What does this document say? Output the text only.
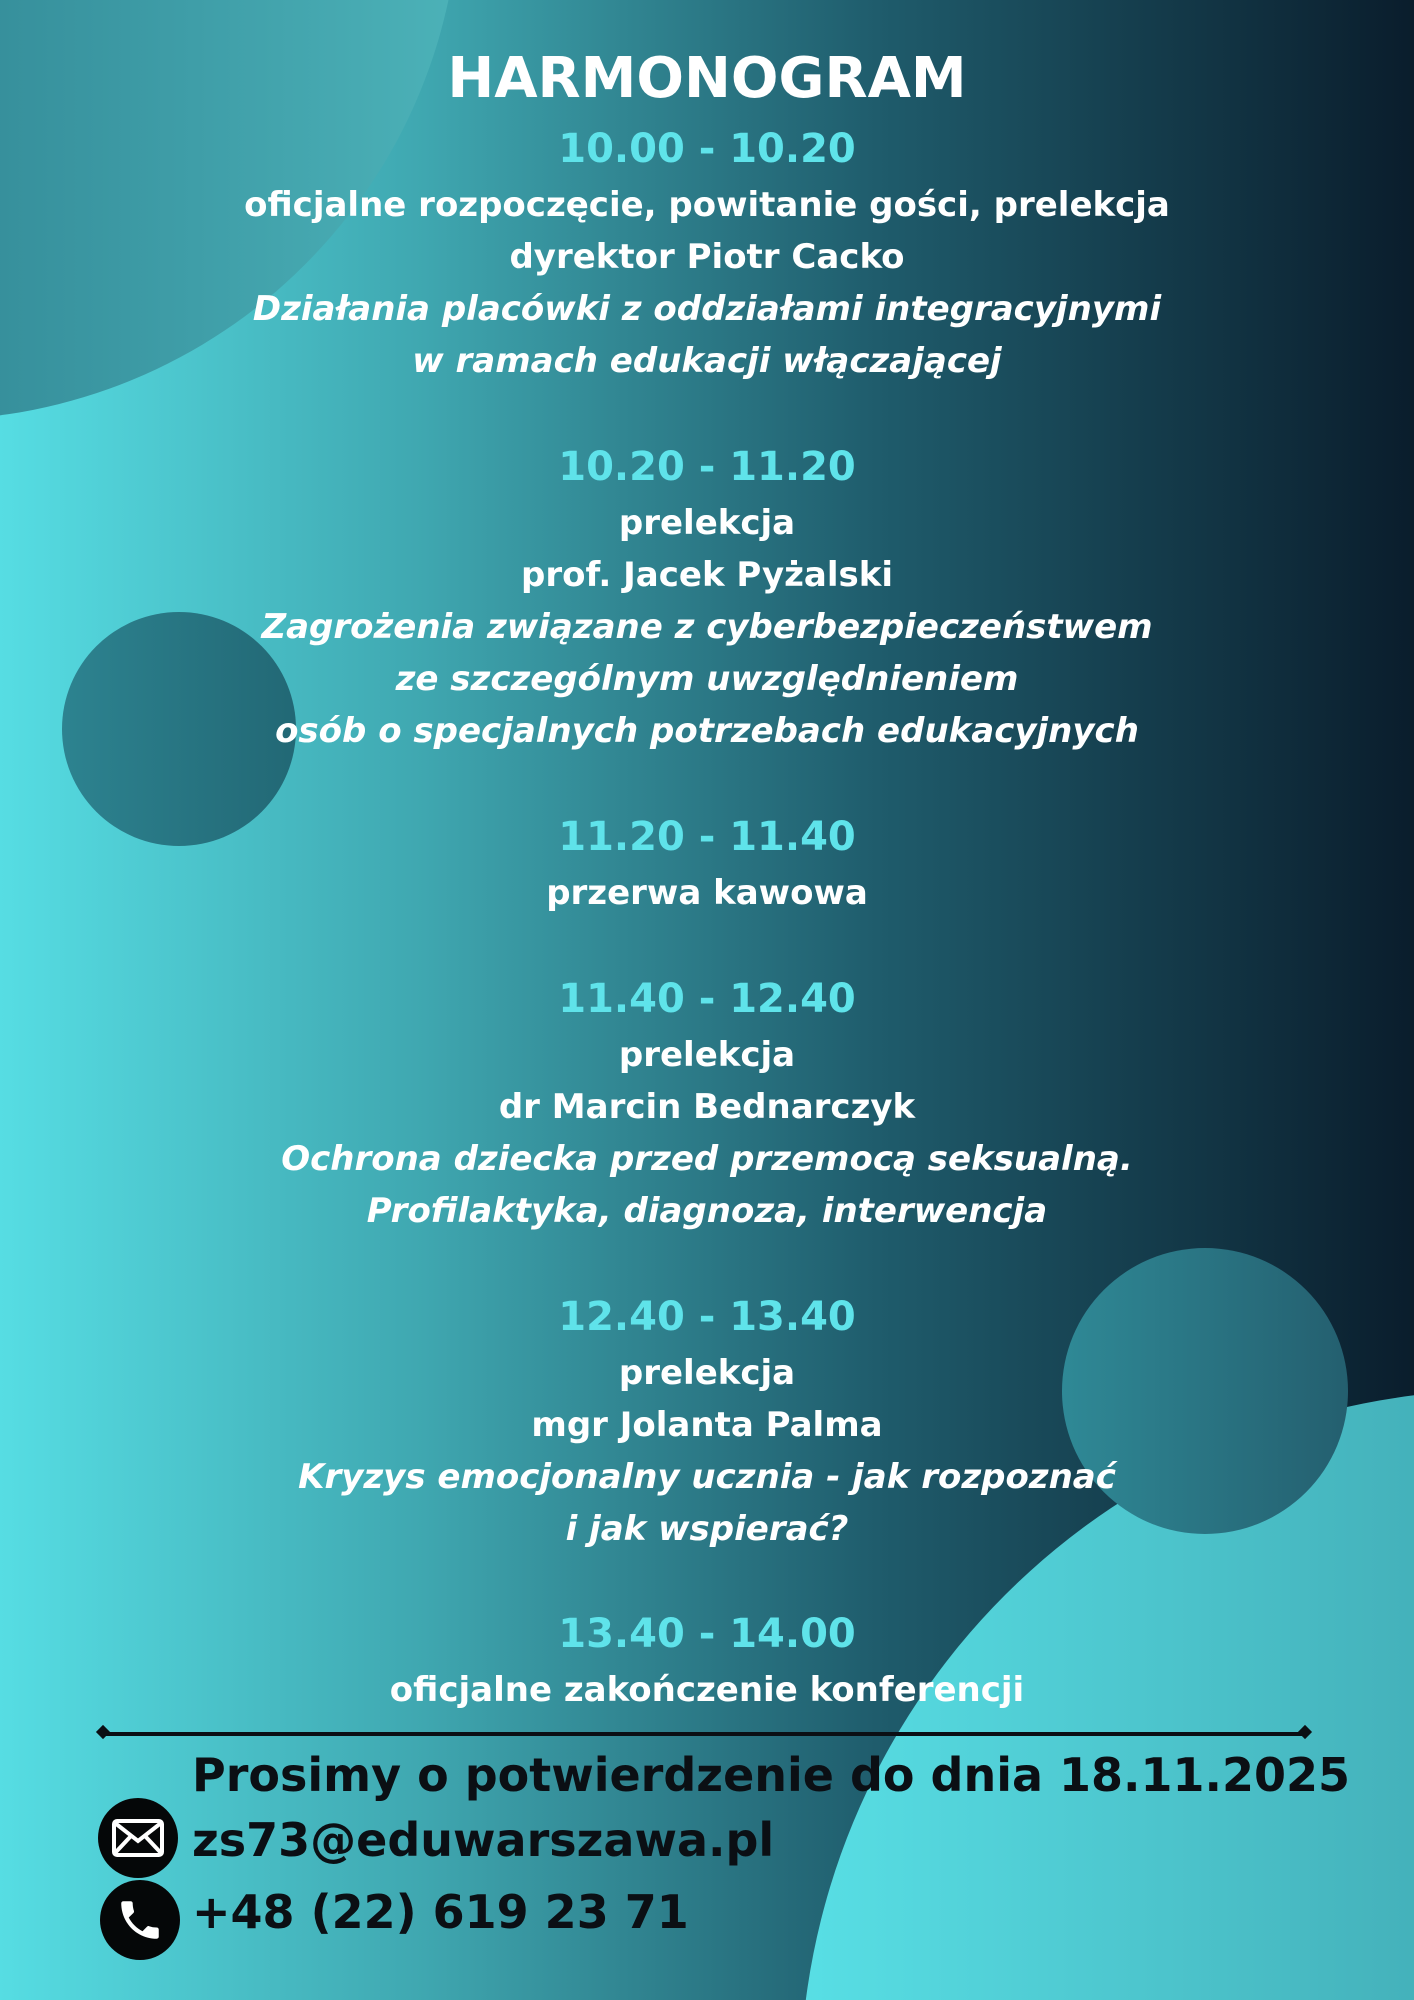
HARMONOGRAM
10.00 - 10.20
oficjalne rozpoczęcie, powitanie gości, prelekcja
dyrektor Piotr Cacko
Działania placówki z oddziałami integracyjnymi
w ramach edukacji włączającej
10.20 - 11.20
prelekcja
prof. Jacek Pyżalski
Zagrożenia związane z cyberbezpieczeństwem
ze szczególnym uwzględnieniem
osób o specjalnych potrzebach edukacyjnych
11.20 - 11.40
przerwa kawowa
11.40 - 12.40
prelekcja
dr Marcin Bednarczyk
Ochrona dziecka przed przemocą seksualną.
Profilaktyka, diagnoza, interwencja
12.40 - 13.40
prelekcja
mgr Jolanta Palma
Kryzys emocjonalny ucznia - jak rozpoznać
i jak wspierać?
13.40 - 14.00
oficjalne zakończenie konferencji
Prosimy o potwierdzenie do dnia 18.11.2025
zs73@eduwarszawa.pl
+48 (22) 619 23 71
